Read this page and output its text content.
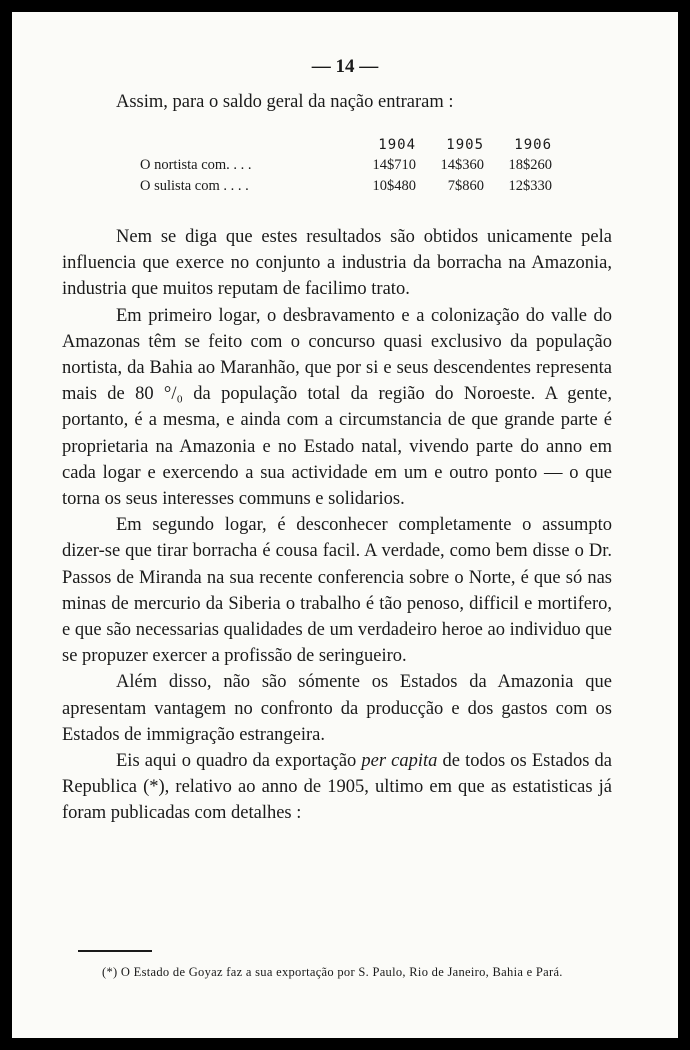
— 14 —
Assim, para o saldo geral da nação entraram :
	1904	1905	1906
O nortista com. . . .	14$710	14$360	18$260
O sulista com . . . .	10$480	7$860	12$330

Nem se diga que estes resultados são obtidos unicamente pela influencia que exerce no conjunto a industria da borracha na Amazonia, industria que muitos reputam de facilimo trato.

Em primeiro logar, o desbravamento e a colonização do valle do Amazonas têm se feito com o concurso quasi exclusivo da população nortista, da Bahia ao Maranhão, que por si e seus descendentes representa mais de 80 °/₀ da população total da região do Noroeste. A gente, portanto, é a mesma, e ainda com a circumstancia de que grande parte é proprietaria na Amazonia e no Estado natal, vivendo parte do anno em cada logar e exercendo a sua actividade em um e outro ponto — o que torna os seus interesses communs e solidarios.

Em segundo logar, é desconhecer completamente o assumpto dizer-se que tirar borracha é cousa facil. A verdade, como bem disse o Dr. Passos de Miranda na sua recente conferencia sobre o Norte, é que só nas minas de mercurio da Siberia o trabalho é tão penoso, difficil e mortifero, e que são necessarias qualidades de um verdadeiro heroe ao individuo que se propuzer exercer a profissão de seringueiro.

Além disso, não são sómente os Estados da Amazonia que apresentam vantagem no confronto da producção e dos gastos com os Estados de immigração estrangeira.

Eis aqui o quadro da exportação per capita de todos os Estados da Republica (*), relativo ao anno de 1905, ultimo em que as estatisticas já foram publicadas com detalhes :

(*) O Estado de Goyaz faz a sua exportação por S. Paulo, Rio de Janeiro, Bahia e Pará.
